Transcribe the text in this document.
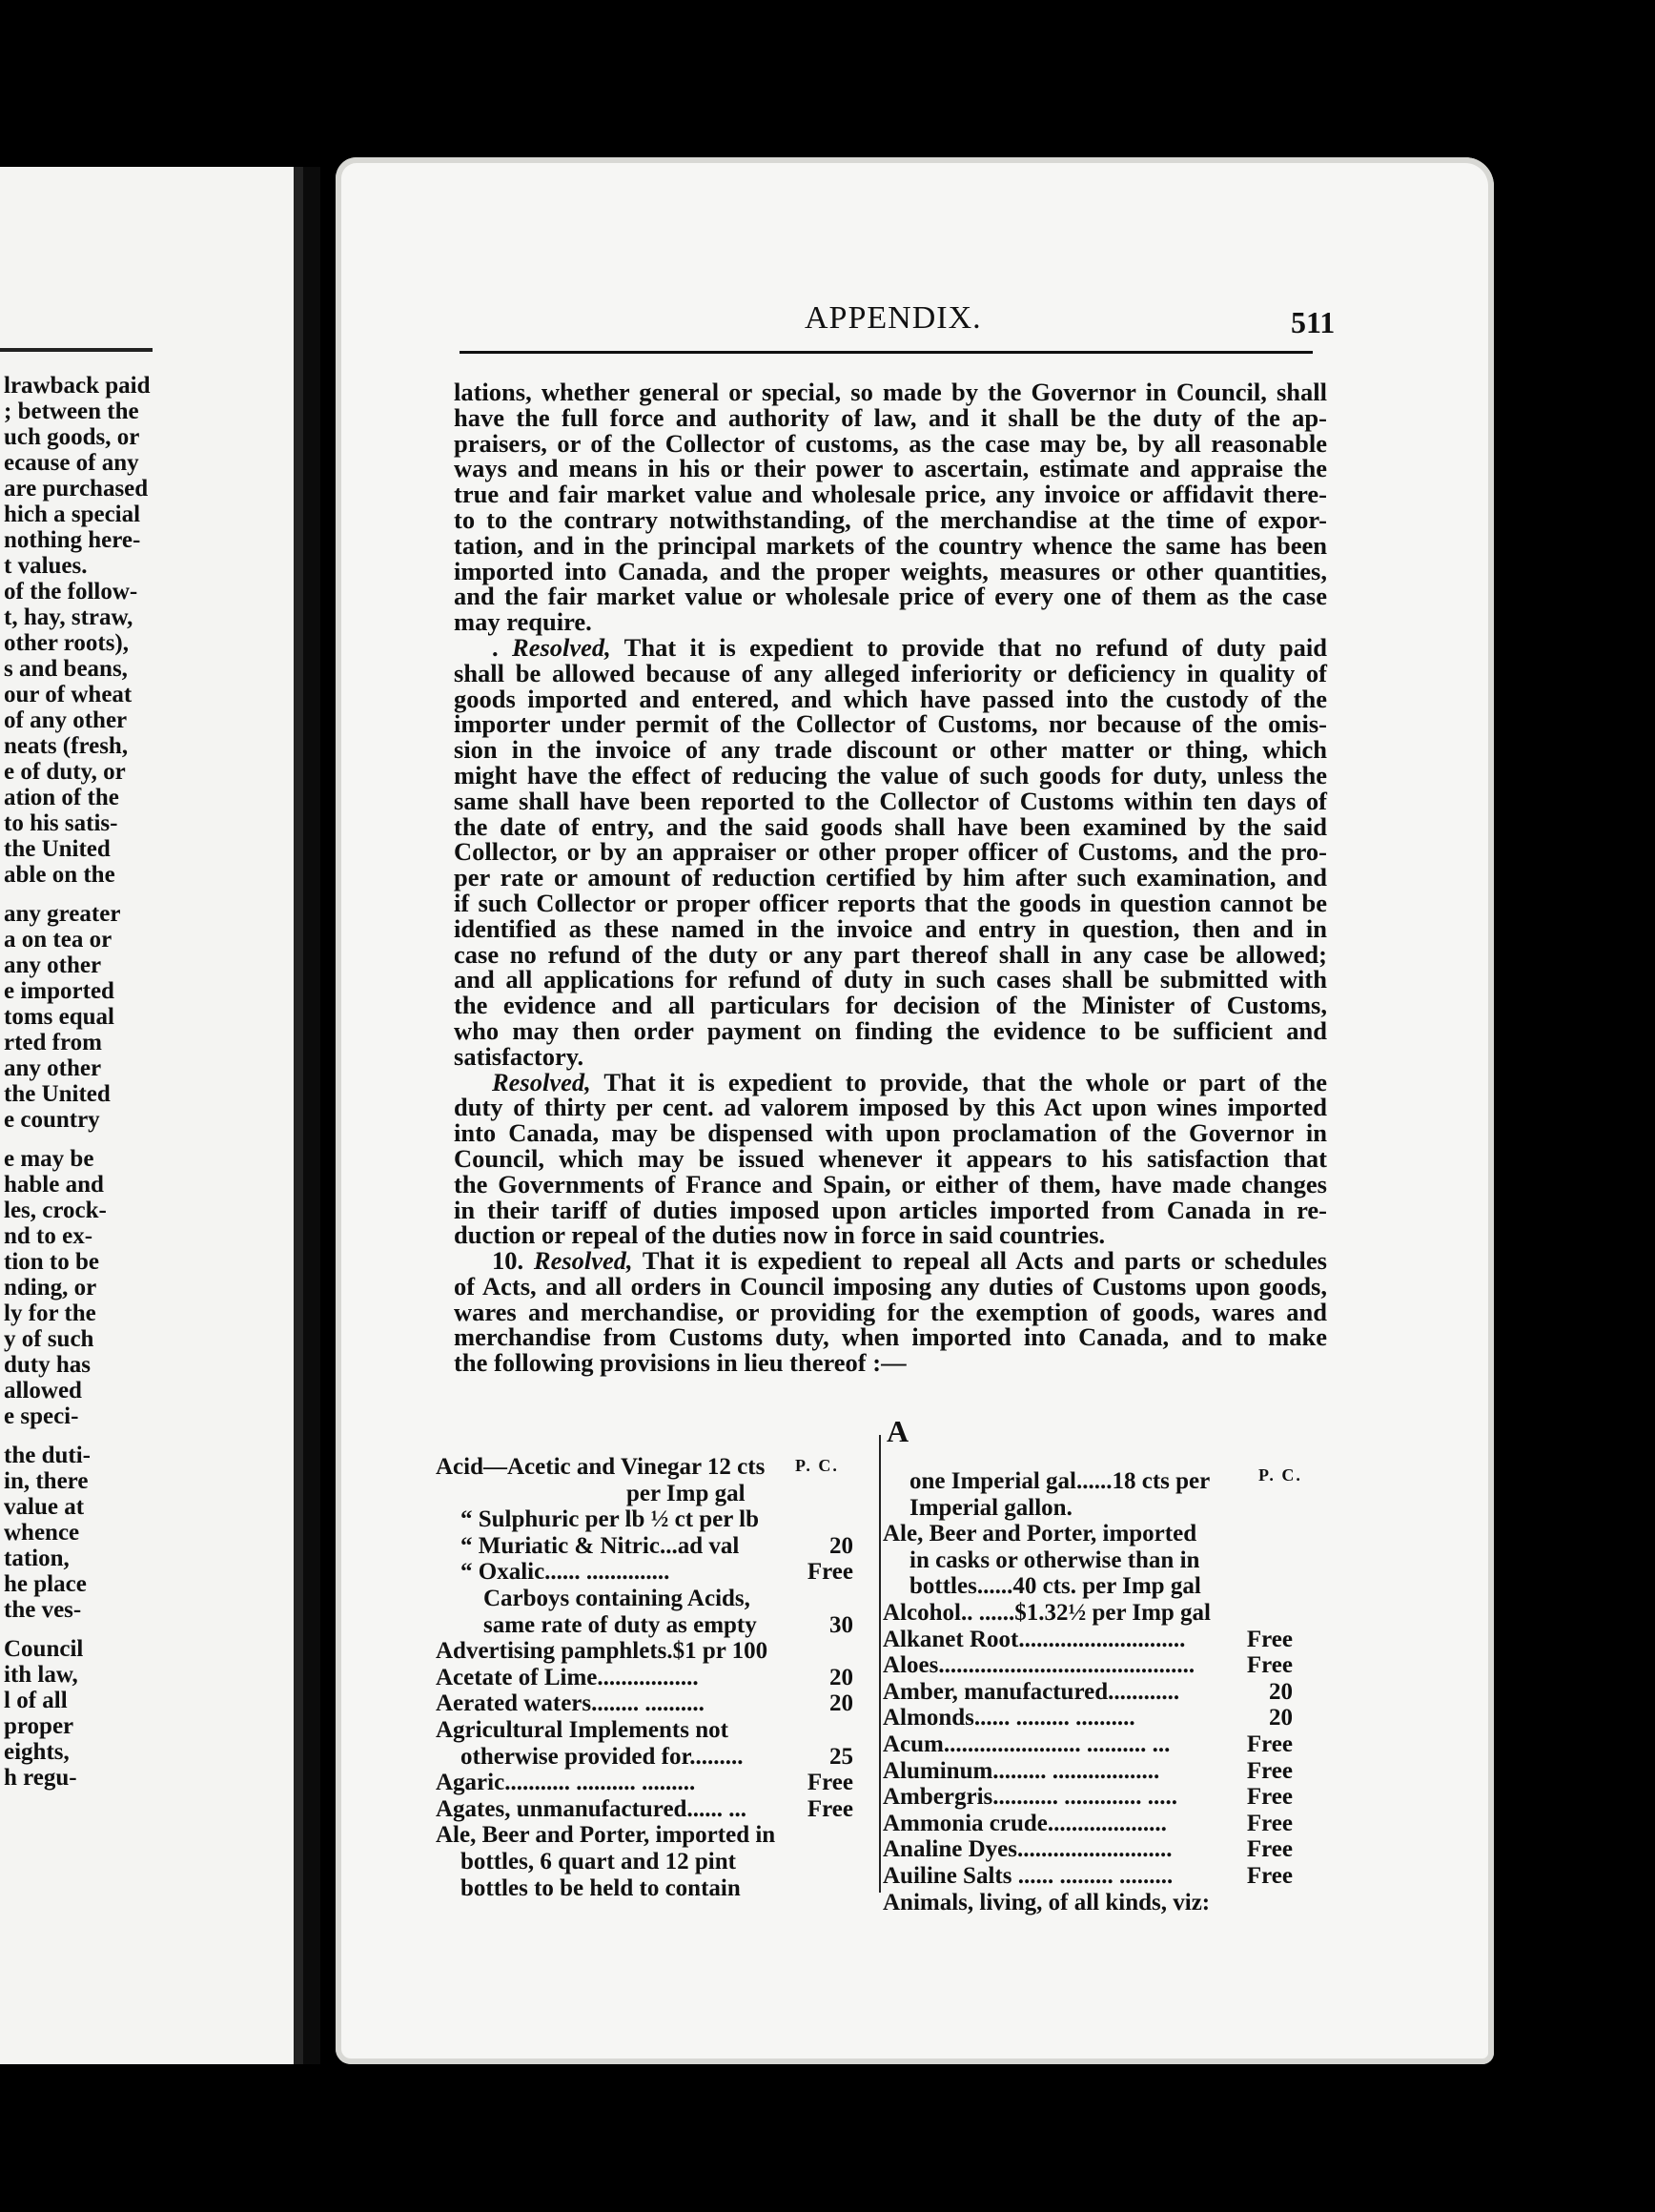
lrawback paid
; between the
uch goods, or
ecause of any
are purchased
hich a special
nothing here-
t values.
of the follow-
t, hay, straw,
other roots),
s and beans,
our of wheat
of any other
neats (fresh,
e of duty, or
ation of the
to his satis-
the United
able on the
any greater
a on tea or
any other
e imported
toms equal
rted from
any other
the United
e country
e may be
hable and
les, crock-
nd to ex-
tion to be
nding, or
ly for the
y of such
duty has
allowed
e speci-
the duti-
in, there
value at
whence
tation,
he place
the ves-
Council
ith law,
l of all
proper
eights,
h regu-
APPENDIX.	511
lations, whether general or special, so made by the Governor in Council, shall
have the full force and authority of law, and it shall be the duty of the ap-
praisers, or of the Collector of customs, as the case may be, by all reasonable
ways and means in his or their power to ascertain, estimate and appraise the
true and fair market value and wholesale price, any invoice or affidavit there-
to to the contrary notwithstanding, of the merchandise at the time of expor-
tation, and in the principal markets of the country whence the same has been
imported into Canada, and the proper weights, measures or other quantities,
and the fair market value or wholesale price of every one of them as the case
may require.
. Resolved, That it is expedient to provide that no refund of duty paid
shall be allowed because of any alleged inferiority or deficiency in quality of
goods imported and entered, and which have passed into the custody of the
importer under permit of the Collector of Customs, nor because of the omis-
sion in the invoice of any trade discount or other matter or thing, which
might have the effect of reducing the value of such goods for duty, unless the
same shall have been reported to the Collector of Customs within ten days of
the date of entry, and the said goods shall have been examined by the said
Collector, or by an appraiser or other proper officer of Customs, and the pro-
per rate or amount of reduction certified by him after such examination, and
if such Collector or proper officer reports that the goods in question cannot be
identified as these named in the invoice and entry in question, then and in
case no refund of the duty or any part thereof shall in any case be allowed;
and all applications for refund of duty in such cases shall be submitted with
the evidence and all particulars for decision of the Minister of Customs,
who may then order payment on finding the evidence to be sufficient and
satisfactory.
Resolved, That it is expedient to provide, that the whole or part of the
duty of thirty per cent. ad valorem imposed by this Act upon wines imported
into Canada, may be dispensed with upon proclamation of the Governor in
Council, which may be issued whenever it appears to his satisfaction that
the Governments of France and Spain, or either of them, have made changes
in their tariff of duties imposed upon articles imported from Canada in re-
duction or repeal of the duties now in force in said countries.
10. Resolved, That it is expedient to repeal all Acts and parts or schedules
of Acts, and all orders in Council imposing any duties of Customs upon goods,
wares and merchandise, or providing for the exemption of goods, wares and
merchandise from Customs duty, when imported into Canada, and to make
the following provisions in lieu thereof :—
A
P. C.	P. C.
Acid—Acetic and Vinegar 12 cts
per Imp gal
“ Sulphuric per lb ½ ct per lb
“ Muriatic & Nitric...ad val	20
“ Oxalic...... ..............	Free
Carboys containing Acids,
same rate of duty as empty	30
Advertising pamphlets.$1 pr 100
Acetate of Lime.................	20
Aerated waters........ ..........	20
Agricultural Implements not
otherwise provided for.........	25
Agaric........... .......... .........	Free
Agates, unmanufactured...... ...	Free
Ale, Beer and Porter, imported in
bottles, 6 quart and 12 pint
bottles to be held to contain
one Imperial gal......18 cts per
Imperial gallon.
Ale, Beer and Porter, imported
in casks or otherwise than in
bottles......40 cts. per Imp gal
Alcohol.. ......$1.32½ per Imp gal
Alkanet Root............................	Free
Aloes........................................... Free
Amber, manufactured............	20
Almonds...... ......... ..........	20
Acum....................... .......... ...	Free
Aluminum......... ..................	Free
Ambergris........... ............. .....	Free
Ammonia crude....................	Free
Analine Dyes..........................	Free
Auiline Salts ...... ......... .........	Free
Animals, living, of all kinds, viz:
